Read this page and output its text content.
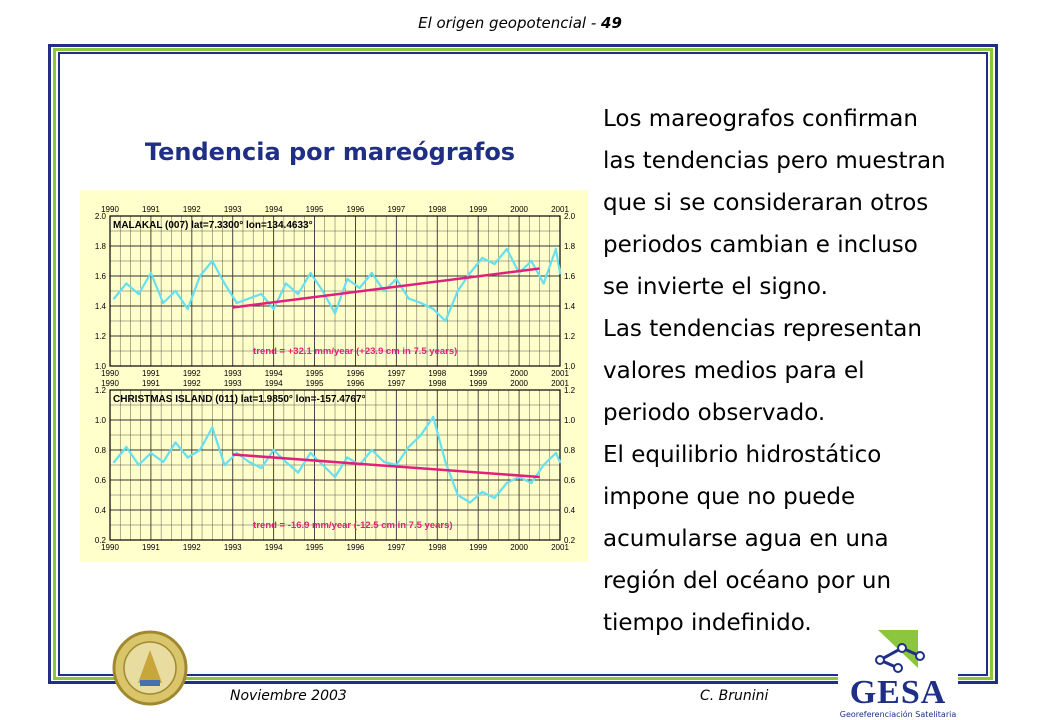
El origen geopotencial - 49
Tendencia por mareógrafos
1990
1990
1991
1991
1992
1992
1993
1993
1994
1994
1995
1995
1996
1996
1997
1997
1998
1998
1999
1999
2000
2000
2001
2001
1.0	1.0
1.2	1.2
1.4	1.4
1.6	1.6
1.8	1.8
2.0	2.0
MALAKAL (007) lat=7.3300° lon=134.4633°
trend = +32.1 mm/year (+23.9 cm in 7.5 years)
1990
1990
1991
1991
1992
1992
1993
1993
1994
1994
1995
1995
1996
1996
1997
1997
1998
1998
1999
1999
2000
2000
2001
2001
0.2	0.2
0.4	0.4
0.6	0.6
0.8	0.8
1.0	1.0
1.2	1.2
CHRISTMAS ISLAND (011) lat=1.9850° lon=-157.4767°
trend = -16.9 mm/year (-12.5 cm in 7.5 years)

Los mareografos confirman

las tendencias pero muestran

que si se consideraran otros

periodos cambian e incluso

se invierte el signo.

Las tendencias representan

valores medios para el

periodo observado.

El equilibrio hidrostático

impone que no puede

acumularse agua en una

región del océano por un

tiempo indefinido.

GESA
Georeferenciación Satelitaria
Noviembre 2003	C. Brunini
